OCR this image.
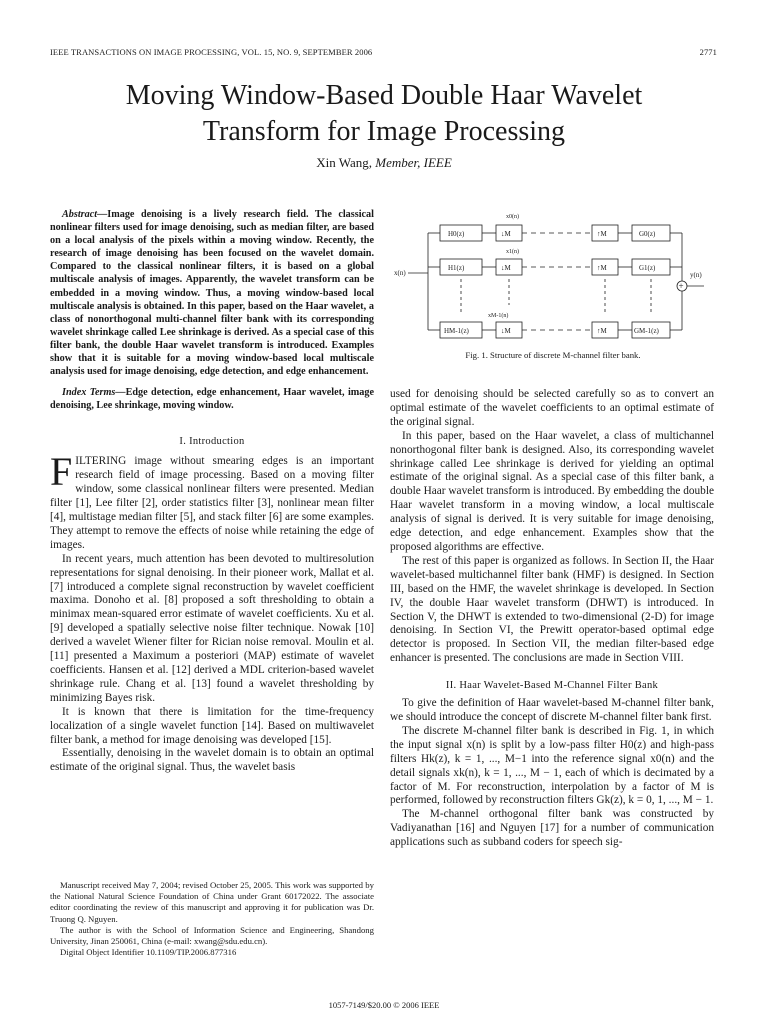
IEEE TRANSACTIONS ON IMAGE PROCESSING, VOL. 15, NO. 9, SEPTEMBER 2006	2771
Moving Window-Based Double Haar Wavelet
Transform for Image Processing
Xin Wang, Member, IEEE

Abstract—Image denoising is a lively research field. The classical nonlinear filters used for image denoising, such as median filter, are based on a local analysis of the pixels within a moving window. Recently, the research of image denoising has been focused on the wavelet domain. Compared to the classical nonlinear filters, it is based on a global multiscale analysis of images. Apparently, the wavelet transform can be embedded in a moving window. Thus, a moving window-based local multiscale analysis is obtained. In this paper, based on the Haar wavelet, a class of nonorthogonal multi-channel filter bank with its corresponding wavelet shrinkage called Lee shrinkage is derived. As a special case of this filter bank, the double Haar wavelet transform is introduced. Examples show that it is suitable for a moving window-based local multiscale analysis used for image denoising, edge detection, and edge enhancement.

Index Terms—Edge detection, edge enhancement, Haar wavelet, image denoising, Lee shrinkage, moving window.

I. Introduction

FILTERING image without smearing edges is an important research field of image processing. Based on a moving filter window, some classical nonlinear filters were presented. Median filter [1], Lee filter [2], order statistics filter [3], nonlinear mean filter [4], multistage median filter [5], and stack filter [6] are some examples. They attempt to remove the effects of noise while retaining the edge of images.

In recent years, much attention has been devoted to multiresolution representations for signal denoising. In their pioneer work, Mallat et al. [7] introduced a complete signal reconstruction by wavelet coefficient maxima. Donoho et al. [8] proposed a soft thresholding to obtain a minimax mean-squared error estimate of wavelet coefficients. Xu et al. [9] developed a spatially selective noise filter technique. Nowak [10] derived a wavelet Wiener filter for Rician noise removal. Moulin et al. [11] presented a Maximum a posteriori (MAP) estimate of wavelet coefficients. Hansen et al. [12] derived a MDL criterion-based wavelet shrinkage rule. Chang et al. [13] found a wavelet thresholding by minimizing Bayes risk.

It is known that there is limitation for the time-frequency localization of a single wavelet function [14]. Based on multiwavelet filter bank, a method for image denoising was developed [15].

Essentially, denoising in the wavelet domain is to obtain an optimal estimate of the original signal. Thus, the wavelet basis

Manuscript received May 7, 2004; revised October 25, 2005. This work was supported by the National Natural Science Foundation of China under Grant 60172022. The associate editor coordinating the review of this manuscript and approving it for publication was Dr. Truong Q. Nguyen.

The author is with the School of Information Science and Engineering, Shandong University, Jinan 250061, China (e-mail: xwang@sdu.edu.cn).

Digital Object Identifier 10.1109/TIP.2006.877316

x(n)
+
y(n)
H0(z)	↓M
x0(n)
↑M	G0(z)
H1(z)	↓M
x1(n)
↑M	G1(z)
HM-1(z)	↓M
xM-1(n)
↑M	GM-1(z)
Fig. 1. Structure of discrete M-channel filter bank.

used for denoising should be selected carefully so as to convert an optimal estimate of the wavelet coefficients to an optimal estimate of the original signal.

In this paper, based on the Haar wavelet, a class of multichannel nonorthogonal filter bank is designed. Also, its corresponding wavelet shrinkage called Lee shrinkage is derived for yielding an optimal estimate of the original signal. As a special case of this filter bank, a double Haar wavelet transform is introduced. By embedding the double Haar wavelet transform in a moving window, a local multiscale analysis of signal is derived. It is very suitable for image denoising, edge detection, and edge enhancement. Examples show that the proposed algorithms are effective.

The rest of this paper is organized as follows. In Section II, the Haar wavelet-based multichannel filter bank (HMF) is designed. In Section III, based on the HMF, the wavelet shrinkage is developed. In Section IV, the double Haar wavelet transform (DHWT) is introduced. In Section V, the DHWT is extended to two-dimensional (2-D) for image denoising. In Section VI, the Prewitt operator-based optimal edge detector is proposed. In Section VII, the median filter-based edge enhancer is presented. The conclusions are made in Section VIII.

II. Haar Wavelet-Based M-Channel Filter Bank

To give the definition of Haar wavelet-based M-channel filter bank, we should introduce the concept of discrete M-channel filter bank first.

The discrete M-channel filter bank is described in Fig. 1, in which the input signal x(n) is split by a low-pass filter H0(z) and high-pass filters Hk(z), k = 1, ..., M−1 into the reference signal x0(n) and the detail signals xk(n), k = 1, ..., M − 1, each of which is decimated by a factor of M. For reconstruction, interpolation by a factor of M is performed, followed by reconstruction filters Gk(z), k = 0, 1, ..., M − 1.

The M-channel orthogonal filter bank was constructed by Vadiyanathan [16] and Nguyen [17] for a number of communication applications such as subband coders for speech sig-

1057-7149/$20.00 © 2006 IEEE
